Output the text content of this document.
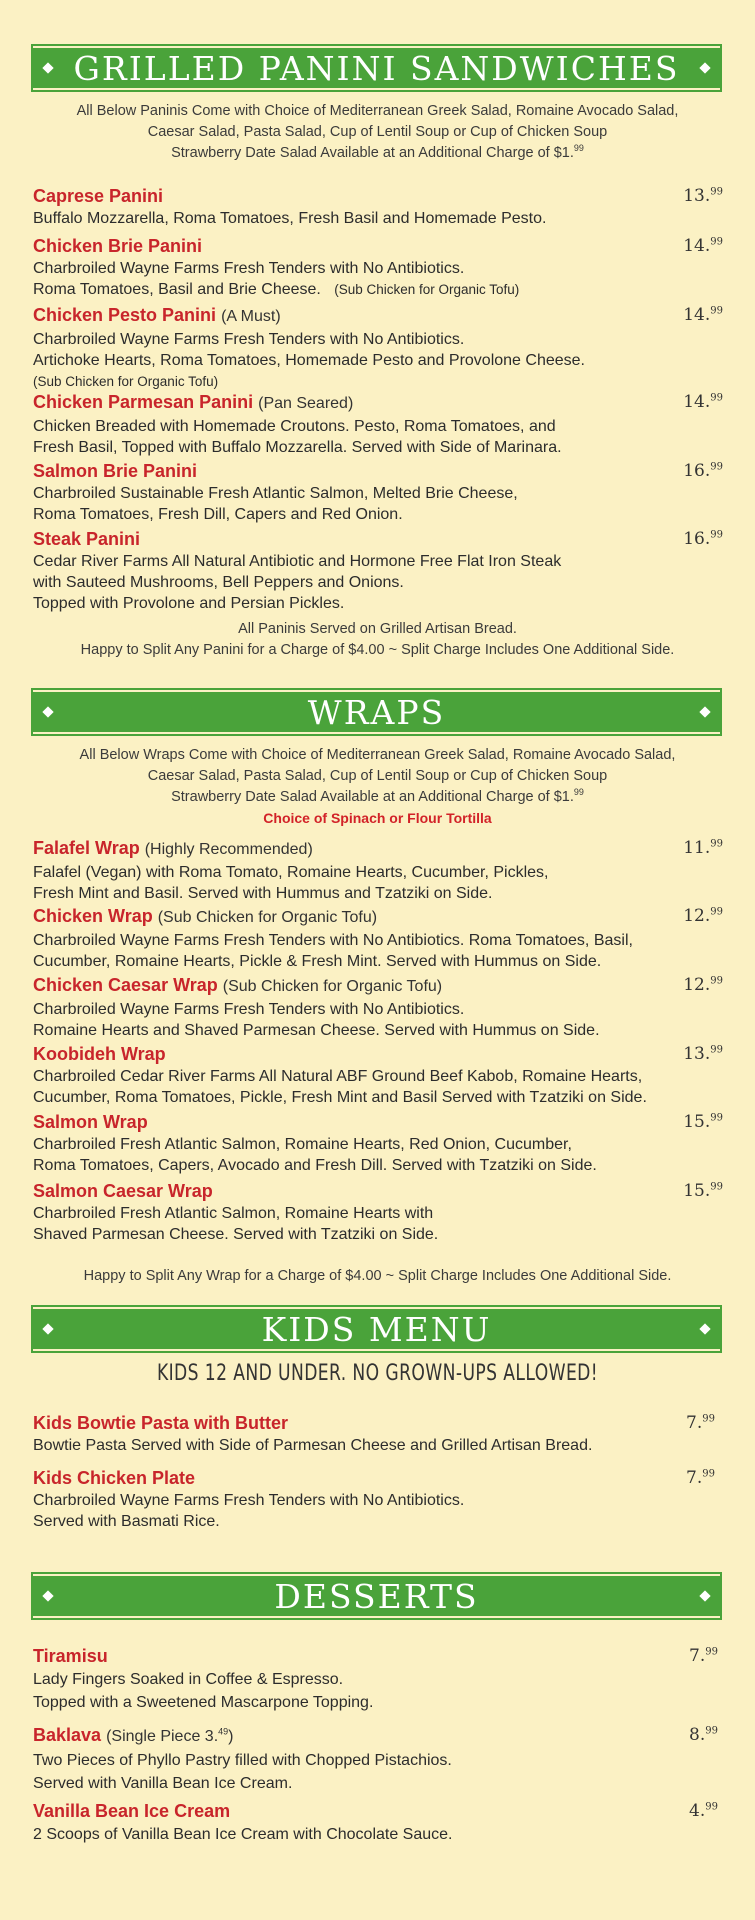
GRILLED PANINI SANDWICHES
All Below Paninis Come with Choice of Mediterranean Greek Salad, Romaine Avocado Salad,
Caesar Salad, Pasta Salad, Cup of Lentil Soup or Cup of Chicken Soup
Strawberry Date Salad Available at an Additional Charge of $1.99
Caprese Panini
Buffalo Mozzarella, Roma Tomatoes, Fresh Basil and Homemade Pesto.
13.99
Chicken Brie Panini
Charbroiled Wayne Farms Fresh Tenders with No Antibiotics.
Roma Tomatoes, Basil and Brie Cheese. (Sub Chicken for Organic Tofu)
14.99
Chicken Pesto Panini (A Must)
Charbroiled Wayne Farms Fresh Tenders with No Antibiotics.
Artichoke Hearts, Roma Tomatoes, Homemade Pesto and Provolone Cheese.
(Sub Chicken for Organic Tofu)
14.99
Chicken Parmesan Panini (Pan Seared)
Chicken Breaded with Homemade Croutons. Pesto, Roma Tomatoes, and
Fresh Basil, Topped with Buffalo Mozzarella. Served with Side of Marinara.
14.99
Salmon Brie Panini
Charbroiled Sustainable Fresh Atlantic Salmon, Melted Brie Cheese,
Roma Tomatoes, Fresh Dill, Capers and Red Onion.
16.99
Steak Panini
Cedar River Farms All Natural Antibiotic and Hormone Free Flat Iron Steak
with Sauteed Mushrooms, Bell Peppers and Onions.
Topped with Provolone and Persian Pickles.
16.99
All Paninis Served on Grilled Artisan Bread.
Happy to Split Any Panini for a Charge of $4.00 ~ Split Charge Includes One Additional Side.
WRAPS
All Below Wraps Come with Choice of Mediterranean Greek Salad, Romaine Avocado Salad,
Caesar Salad, Pasta Salad, Cup of Lentil Soup or Cup of Chicken Soup
Strawberry Date Salad Available at an Additional Charge of $1.99
Choice of Spinach or Flour Tortilla
Falafel Wrap (Highly Recommended)
Falafel (Vegan) with Roma Tomato, Romaine Hearts, Cucumber, Pickles,
Fresh Mint and Basil. Served with Hummus and Tzatziki on Side.
11.99
Chicken Wrap (Sub Chicken for Organic Tofu)
Charbroiled Wayne Farms Fresh Tenders with No Antibiotics. Roma Tomatoes, Basil,
Cucumber, Romaine Hearts, Pickle & Fresh Mint. Served with Hummus on Side.
12.99
Chicken Caesar Wrap (Sub Chicken for Organic Tofu)
Charbroiled Wayne Farms Fresh Tenders with No Antibiotics.
Romaine Hearts and Shaved Parmesan Cheese. Served with Hummus on Side.
12.99
Koobideh Wrap
Charbroiled Cedar River Farms All Natural ABF Ground Beef Kabob, Romaine Hearts,
Cucumber, Roma Tomatoes, Pickle, Fresh Mint and Basil Served with Tzatziki on Side.
13.99
Salmon Wrap
Charbroiled Fresh Atlantic Salmon, Romaine Hearts, Red Onion, Cucumber,
Roma Tomatoes, Capers, Avocado and Fresh Dill. Served with Tzatziki on Side.
15.99
Salmon Caesar Wrap
Charbroiled Fresh Atlantic Salmon, Romaine Hearts with
Shaved Parmesan Cheese. Served with Tzatziki on Side.
15.99
Happy to Split Any Wrap for a Charge of $4.00 ~ Split Charge Includes One Additional Side.
KIDS MENU
KIDS 12 AND UNDER. NO GROWN-UPS ALLOWED!
Kids Bowtie Pasta with Butter
Bowtie Pasta Served with Side of Parmesan Cheese and Grilled Artisan Bread.
7.99
Kids Chicken Plate
Charbroiled Wayne Farms Fresh Tenders with No Antibiotics.
Served with Basmati Rice.
7.99
DESSERTS
Tiramisu
Lady Fingers Soaked in Coffee & Espresso.
Topped with a Sweetened Mascarpone Topping.
7.99
Baklava (Single Piece 3.49)
Two Pieces of Phyllo Pastry filled with Chopped Pistachios.
Served with Vanilla Bean Ice Cream.
8.99
Vanilla Bean Ice Cream
2 Scoops of Vanilla Bean Ice Cream with Chocolate Sauce.
4.99
